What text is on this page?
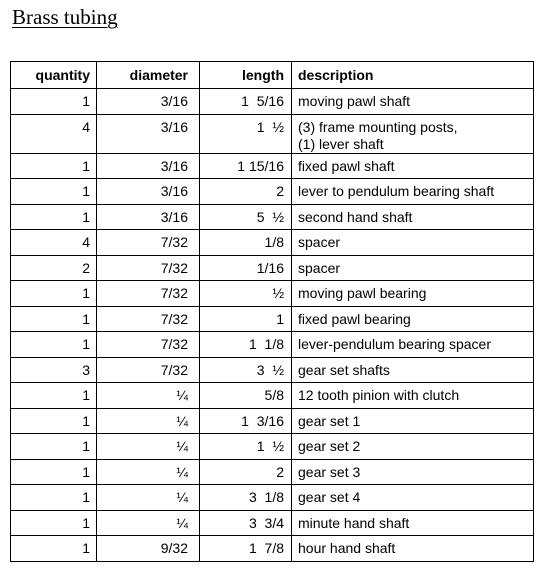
Brass tubing
quantity	diameter	length	description
1	3/16	1  5/16	moving pawl shaft
4	3/16	1  ½	(3) frame mounting posts,
(1) lever shaft
1	3/16	1 15/16	fixed pawl shaft
1	3/16	2	lever to pendulum bearing shaft
1	3/16	5  ½	second hand shaft
4	7/32	1/8	spacer
2	7/32	1/16	spacer
1	7/32	½	moving pawl bearing
1	7/32	1	fixed pawl bearing
1	7/32	1  1/8	lever-pendulum bearing spacer
3	7/32	3  ½	gear set shafts
1	¼	5/8	12 tooth pinion with clutch
1	¼	1  3/16	gear set 1
1	¼	1  ½	gear set 2
1	¼	2	gear set 3
1	¼	3  1/8	gear set 4
1	¼	3  3/4	minute hand shaft
1	9/32	1  7/8	hour hand shaft
